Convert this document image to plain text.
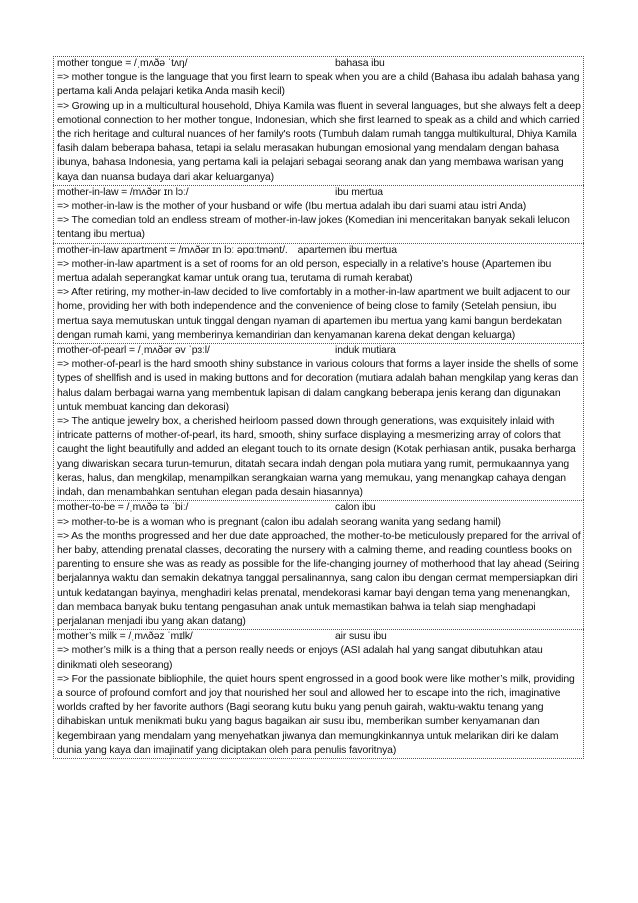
mother tongue = /ˌmʌðə ˈtʌŋ/	bahasa ibu
=> mother tongue is the language that you first learn to speak when you are a child (Bahasa ibu adalah bahasa yang pertama kali Anda pelajari ketika Anda masih kecil)
=> Growing up in a multicultural household, Dhiya Kamila was fluent in several languages, but she always felt a deep emotional connection to her mother tongue, Indonesian, which she first learned to speak as a child and which carried the rich heritage and cultural nuances of her family's roots (Tumbuh dalam rumah tangga multikultural, Dhiya Kamila fasih dalam beberapa bahasa, tetapi ia selalu merasakan hubungan emosional yang mendalam dengan bahasa ibunya, bahasa Indonesia, yang pertama kali ia pelajari sebagai seorang anak dan yang membawa warisan yang kaya dan nuansa budaya dari akar keluarganya)
mother-in-law = /mʌðər ɪn lɔː/	ibu mertua
=> mother-in-law is the mother of your husband or wife (Ibu mertua adalah ibu dari suami atau istri Anda)
=> The comedian told an endless stream of mother-in-law jokes (Komedian ini menceritakan banyak sekali lelucon tentang ibu mertua)
mother-in-law apartment = /mʌðər ɪn lɔː əpɑːtmənt/. apartemen ibu mertua
=> mother-in-law apartment is a set of rooms for an old person, especially in a relative’s house (Apartemen ibu mertua adalah seperangkat kamar untuk orang tua, terutama di rumah kerabat)
=> After retiring, my mother-in-law decided to live comfortably in a mother-in-law apartment we built adjacent to our home, providing her with both independence and the convenience of being close to family (Setelah pensiun, ibu mertua saya memutuskan untuk tinggal dengan nyaman di apartemen ibu mertua yang kami bangun berdekatan dengan rumah kami, yang memberinya kemandirian dan kenyamanan karena dekat dengan keluarga)
mother-of-pearl = /ˌmʌðər əv ˈpɜːl/	induk mutiara
=> mother-of-pearl is the hard smooth shiny substance in various colours that forms a layer inside the shells of some types of shellfish and is used in making buttons and for decoration (mutiara adalah bahan mengkilap yang keras dan halus dalam berbagai warna yang membentuk lapisan di dalam cangkang beberapa jenis kerang dan digunakan untuk membuat kancing dan dekorasi)
=> The antique jewelry box, a cherished heirloom passed down through generations, was exquisitely inlaid with intricate patterns of mother-of-pearl, its hard, smooth, shiny surface displaying a mesmerizing array of colors that caught the light beautifully and added an elegant touch to its ornate design (Kotak perhiasan antik, pusaka berharga yang diwariskan secara turun-temurun, ditatah secara indah dengan pola mutiara yang rumit, permukaannya yang keras, halus, dan mengkilap, menampilkan serangkaian warna yang memukau, yang menangkap cahaya dengan indah, dan menambahkan sentuhan elegan pada desain hiasannya)
mother-to-be = /ˌmʌðə tə ˈbiː/	calon ibu
=> mother-to-be is a woman who is pregnant (calon ibu adalah seorang wanita yang sedang hamil)
=> As the months progressed and her due date approached, the mother-to-be meticulously prepared for the arrival of her baby, attending prenatal classes, decorating the nursery with a calming theme, and reading countless books on parenting to ensure she was as ready as possible for the life-changing journey of motherhood that lay ahead (Seiring berjalannya waktu dan semakin dekatnya tanggal persalinannya, sang calon ibu dengan cermat mempersiapkan diri untuk kedatangan bayinya, menghadiri kelas prenatal, mendekorasi kamar bayi dengan tema yang menenangkan, dan membaca banyak buku tentang pengasuhan anak untuk memastikan bahwa ia telah siap menghadapi perjalanan menjadi ibu yang akan datang)
mother’s milk = /ˌmʌðəz ˈmɪlk/	air susu ibu
=> mother’s milk is a thing that a person really needs or enjoys (ASI adalah hal yang sangat dibutuhkan atau dinikmati oleh seseorang)
=> For the passionate bibliophile, the quiet hours spent engrossed in a good book were like mother’s milk, providing a source of profound comfort and joy that nourished her soul and allowed her to escape into the rich, imaginative worlds crafted by her favorite authors (Bagi seorang kutu buku yang penuh gairah, waktu-waktu tenang yang dihabiskan untuk menikmati buku yang bagus bagaikan air susu ibu, memberikan sumber kenyamanan dan kegembiraan yang mendalam yang menyehatkan jiwanya dan memungkinkannya untuk melarikan diri ke dalam dunia yang kaya dan imajinatif yang diciptakan oleh para penulis favoritnya)
